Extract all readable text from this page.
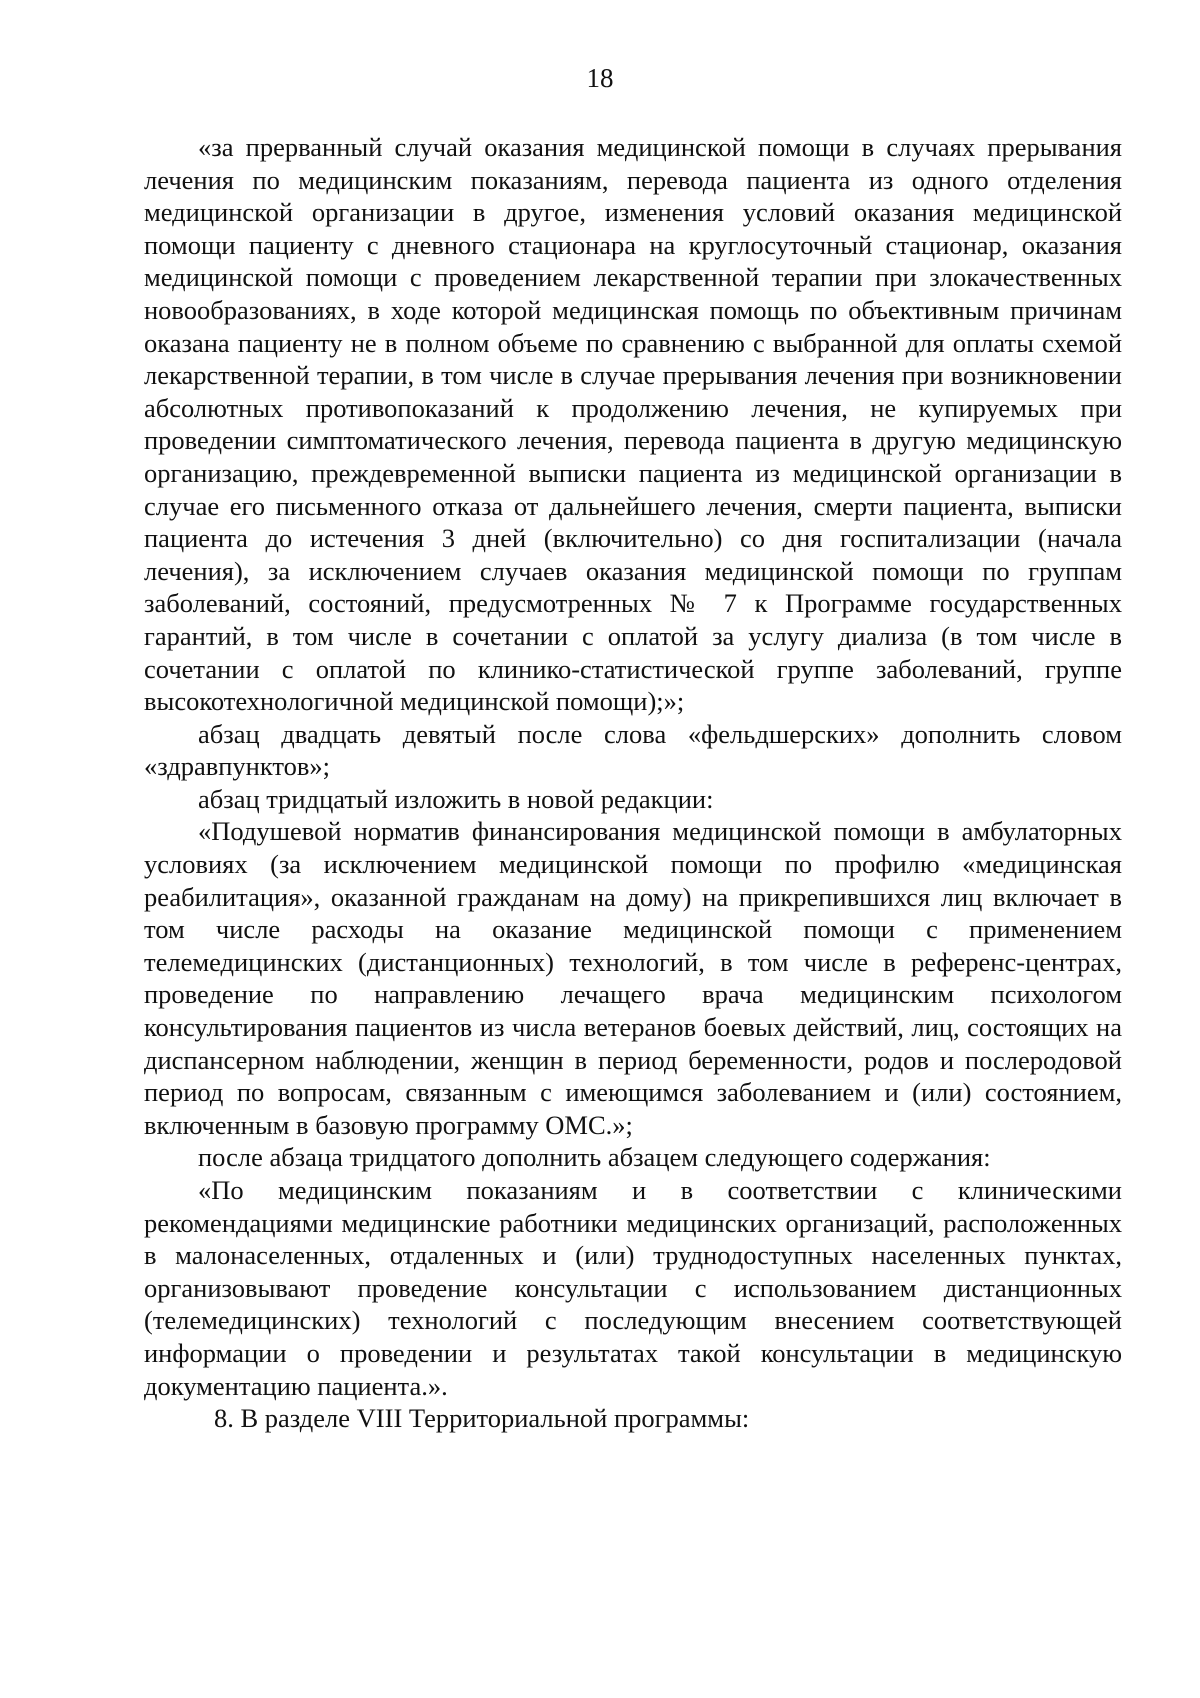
18

«за прерванный случай оказания медицинской помощи в случаях прерывания лечения по медицинским показаниям, перевода пациента из одного отделения медицинской организации в другое, изменения условий оказания медицинской помощи пациенту с дневного стационара на круглосуточный стационар, оказания медицинской помощи с проведением лекарственной терапии при злокачественных новообразованиях, в ходе которой медицинская помощь по объективным причинам оказана пациенту не в полном объеме по сравнению с выбранной для оплаты схемой лекарственной терапии, в том числе в случае прерывания лечения при возникновении абсолютных противопоказаний к продолжению лечения, не купируемых при проведении симптоматического лечения, перевода пациента в другую медицинскую организацию, преждевременной выписки пациента из медицинской организации в случае его письменного отказа от дальнейшего лечения, смерти пациента, выписки пациента до истечения 3 дней (включительно) со дня госпитализации (начала лечения), за исключением случаев оказания медицинской помощи по группам заболеваний, состояний, предусмотренных № 7 к Программе государственных гарантий, в том числе в сочетании с оплатой за услугу диализа (в том числе в сочетании с оплатой по клинико-статистической группе заболеваний, группе высокотехнологичной медицинской помощи);»;

абзац двадцать девятый после слова «фельдшерских» дополнить словом «здравпунктов»;

абзац тридцатый изложить в новой редакции:

«Подушевой норматив финансирования медицинской помощи в амбулаторных условиях (за исключением медицинской помощи по профилю «медицинская реабилитация», оказанной гражданам на дому) на прикрепившихся лиц включает в том числе расходы на оказание медицинской помощи с применением телемедицинских (дистанционных) технологий, в том числе в референс-центрах, проведение по направлению лечащего врача медицинским психологом консультирования пациентов из числа ветеранов боевых действий, лиц, состоящих на диспансерном наблюдении, женщин в период беременности, родов и послеродовой период по вопросам, связанным с имеющимся заболеванием и (или) состоянием, включенным в базовую программу ОМС.»;

после абзаца тридцатого дополнить абзацем следующего содержания:

«По медицинским показаниям и в соответствии с клиническими рекомендациями медицинские работники медицинских организаций, расположенных в малонаселенных, отдаленных и (или) труднодоступных населенных пунктах, организовывают проведение консультации с использованием дистанционных (телемедицинских) технологий с последующим внесением соответствующей информации о проведении и результатах такой консультации в медицинскую документацию пациента.».

8. В разделе VIII Территориальной программы:
